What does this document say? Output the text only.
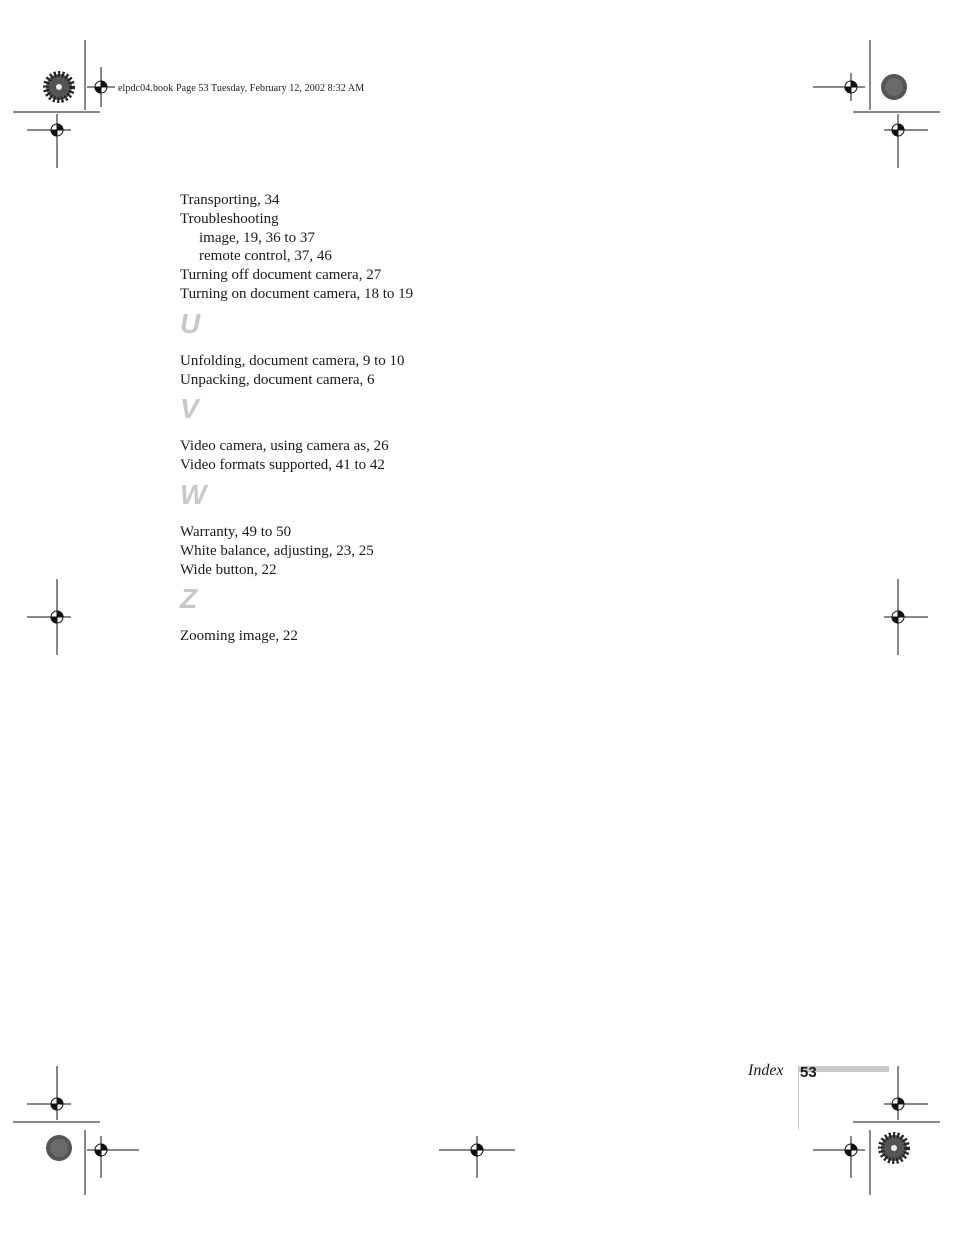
elpdc04.book Page 53 Tuesday, February 12, 2002 8:32 AM
Transporting, 34
Troubleshooting
image, 19, 36 to 37
remote control, 37, 46
Turning off document camera, 27
Turning on document camera, 18 to 19
U
Unfolding, document camera, 9 to 10
Unpacking, document camera, 6
V
Video camera, using camera as, 26
Video formats supported, 41 to 42
W
Warranty, 49 to 50
White balance, adjusting, 23, 25
Wide button, 22
Z
Zooming image, 22
Index 53
